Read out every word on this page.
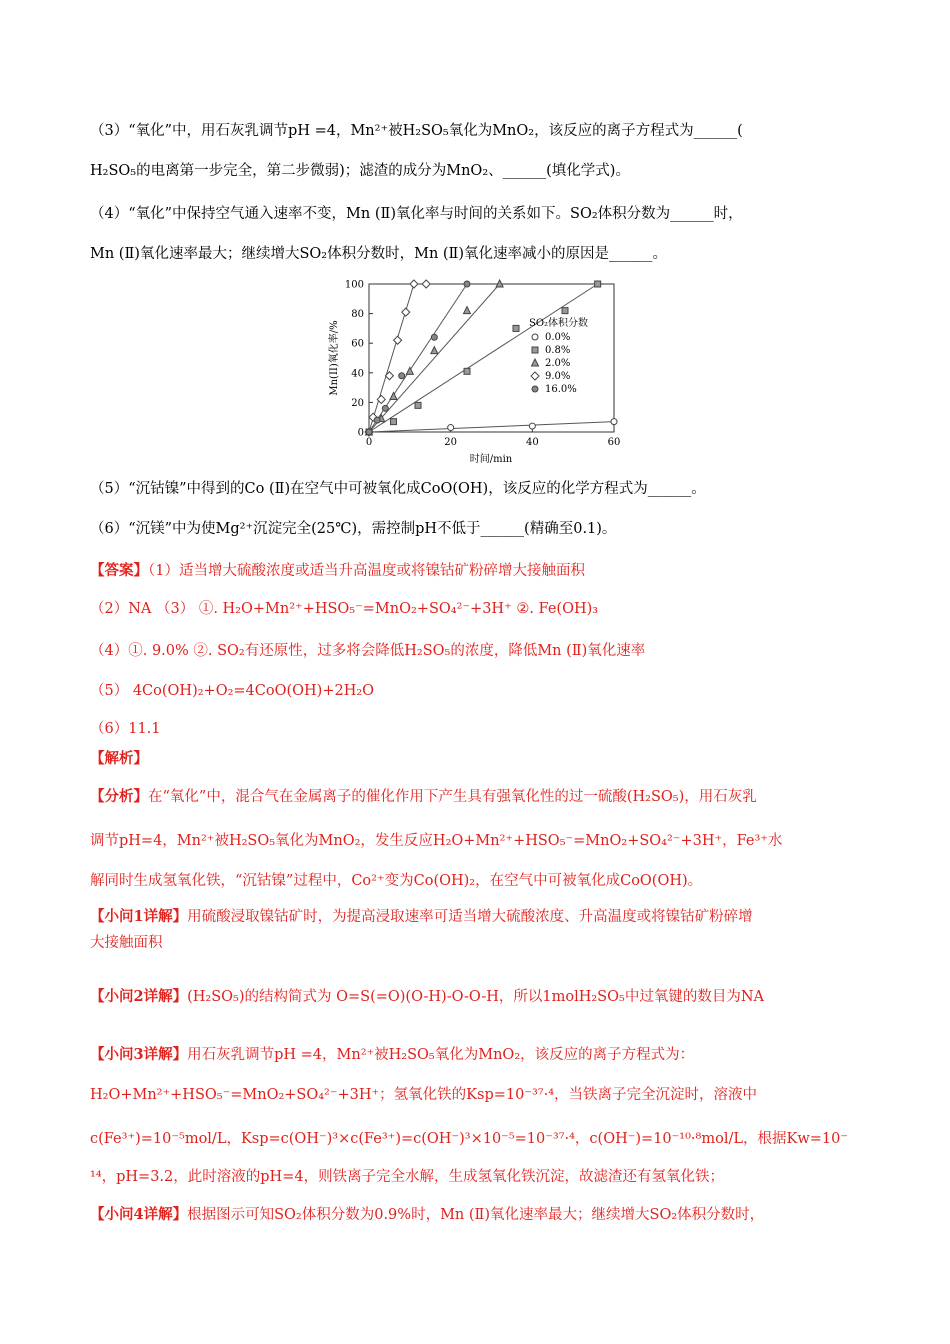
（3）“氧化”中，用石灰乳调节pH =4，Mn²⁺被H₂SO₅氧化为MnO₂，该反应的离子方程式为______(
H₂SO₅的电离第一步完全，第二步微弱)；滤渣的成分为MnO₂、______(填化学式)。
（4）“氧化”中保持空气通入速率不变，Mn (Ⅱ)氧化率与时间的关系如下。SO₂体积分数为______时，
Mn (Ⅱ)氧化速率最大；继续增大SO₂体积分数时，Mn (Ⅱ)氧化速率减小的原因是______。
0	20	40	60
0
20
40
60
80
100
SO₂体积分数
0.0%
0.8%
2.0%
9.0%
16.0%
时间/min
Mn(II)氧化率/%
（5）“沉钴镍”中得到的Co (Ⅱ)在空气中可被氧化成CoO(OH)，该反应的化学方程式为______。
（6）“沉镁”中为使Mg²⁺沉淀完全(25℃)，需控制pH不低于______(精确至0.1)。
【答案】（1）适当增大硫酸浓度或适当升高温度或将镍钴矿粉碎增大接触面积
（2）NA （3） ①. H₂O+Mn²⁺+HSO₅⁻=MnO₂+SO₄²⁻+3H⁺ ②. Fe(OH)₃
（4）①. 9.0% ②. SO₂有还原性，过多将会降低H₂SO₅的浓度，降低Mn (Ⅱ)氧化速率
（5） 4Co(OH)₂+O₂=4CoO(OH)+2H₂O
（6）11.1
【解析】
【分析】在“氧化”中，混合气在金属离子的催化作用下产生具有强氧化性的过一硫酸(H₂SO₅)，用石灰乳
调节pH=4，Mn²⁺被H₂SO₅氧化为MnO₂，发生反应H₂O+Mn²⁺+HSO₅⁻=MnO₂+SO₄²⁻+3H⁺，Fe³⁺水
解同时生成氢氧化铁，“沉钴镍”过程中，Co²⁺变为Co(OH)₂，在空气中可被氧化成CoO(OH)。
【小问1详解】用硫酸浸取镍钴矿时，为提高浸取速率可适当增大硫酸浓度、升高温度或将镍钴矿粉碎增
大接触面积
【小问2详解】(H₂SO₅)的结构简式为 O=S(=O)(O-H)-O-O-H，所以1molH₂SO₅中过氧键的数目为NA
【小问3详解】用石灰乳调节pH =4，Mn²⁺被H₂SO₅氧化为MnO₂，该反应的离子方程式为：
H₂O+Mn²⁺+HSO₅⁻=MnO₂+SO₄²⁻+3H⁺；氢氧化铁的Ksp=10⁻³⁷·⁴，当铁离子完全沉淀时，溶液中
c(Fe³⁺)=10⁻⁵mol/L，Ksp=c(OH⁻)³×c(Fe³⁺)=c(OH⁻)³×10⁻⁵=10⁻³⁷·⁴，c(OH⁻)=10⁻¹⁰·⁸mol/L，根据Kw=10⁻
¹⁴，pH=3.2，此时溶液的pH=4，则铁离子完全水解，生成氢氧化铁沉淀，故滤渣还有氢氧化铁；
【小问4详解】根据图示可知SO₂体积分数为0.9%时，Mn (Ⅱ)氧化速率最大；继续增大SO₂体积分数时，
